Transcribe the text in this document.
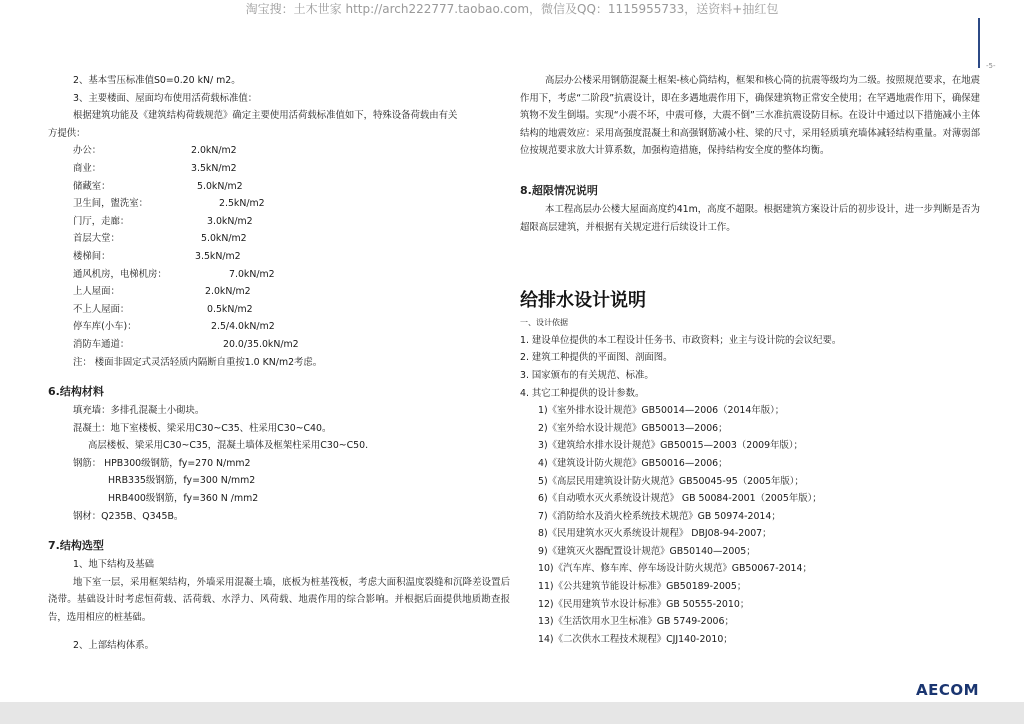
淘宝搜：土木世家 http://arch222777.taobao.com，微信及QQ：1115955733，送资料+抽红包
-5-
2、基本雪压标准值S0=0.20 kN/ m2。
3、主要楼面、屋面均布使用活荷载标准值：
根据建筑功能及《建筑结构荷载规范》确定主要使用活荷载标准值如下，特殊设备荷载由有关
方提供：
办公：	2.0kN/m2
商业：	3.5kN/m2
储藏室：	5.0kN/m2
卫生间，盥洗室：	2.5kN/m2
门厅，走廊：	3.0kN/m2
首层大堂：	5.0kN/m2
楼梯间：	3.5kN/m2
通风机房，电梯机房：	7.0kN/m2
上人屋面：	2.0kN/m2
不上人屋面：	0.5kN/m2
停车库(小车)：	2.5/4.0kN/m2
消防车通道：	20.0/35.0kN/m2
注： 楼面非固定式灵活轻质内隔断自重按1.0 KN/m2考虑。
6.结构材料
填充墙：多排孔混凝土小砌块。
混凝土：地下室楼板、梁采用C30~C35、柱采用C30~C40。
高层楼板、梁采用C30~C35，混凝土墙体及框架柱采用C30~C50.
钢筋： HPB300级钢筋，fy=270 N/mm2
HRB335级钢筋，fy=300 N/mm2
HRB400级钢筋，fy=360 N /mm2
钢材：Q235B、Q345B。
7.结构选型
1、地下结构及基础
地下室一层，采用框架结构，外墙采用混凝土墙，底板为桩基筏板，考虑大面积温度裂缝和沉降差设置后浇带。基础设计时考虑恒荷载、活荷载、水浮力、风荷载、地震作用的综合影响。并根据后面提供地质勘查报告，选用相应的桩基础。
2、上部结构体系。
高层办公楼采用钢筋混凝土框架-核心筒结构，框架和核心筒的抗震等级均为二级。按照规范要求，在地震作用下，考虑“二阶段”抗震设计，即在多遇地震作用下，确保建筑物正常安全使用；在罕遇地震作用下，确保建筑物不发生倒塌。实现“小震不坏，中震可修，大震不倒”三水准抗震设防目标。在设计中通过以下措施减小主体结构的地震效应：采用高强度混凝土和高强钢筋减小柱、梁的尺寸，采用轻质填充墙体减轻结构重量。对薄弱部位按规范要求放大计算系数，加强构造措施，保持结构安全度的整体均衡。
8.超限情况说明
本工程高层办公楼大屋面高度约41m，高度不超限。根据建筑方案设计后的初步设计，进一步判断是否为超限高层建筑，并根据有关规定进行后续设计工作。
给排水设计说明
一、设计依据
1. 建设单位提供的本工程设计任务书、市政资料；业主与设计院的会议纪要。
2. 建筑工种提供的平面图、剖面图。
3. 国家颁布的有关规范、标准。
4. 其它工种提供的设计参数。
1)《室外排水设计规范》GB50014—2006（2014年版）；
2)《室外给水设计规范》GB50013—2006；
3)《建筑给水排水设计规范》GB50015—2003（2009年版）；
4)《建筑设计防火规范》GB50016—2006；
5)《高层民用建筑设计防火规范》GB50045-95（2005年版）；
6)《自动喷水灭火系统设计规范》 GB 50084-2001（2005年版）；
7)《消防给水及消火栓系统技术规范》GB 50974-2014；
8)《民用建筑水灭火系统设计规程》 DBJ08-94-2007；
9)《建筑灭火器配置设计规范》GB50140—2005；
10)《汽车库、修车库、停车场设计防火规范》GB50067-2014；
11)《公共建筑节能设计标准》GB50189-2005；
12)《民用建筑节水设计标准》GB 50555-2010；
13)《生活饮用水卫生标准》GB 5749-2006；
14)《二次供水工程技术规程》CJJ140-2010；
AECOM
